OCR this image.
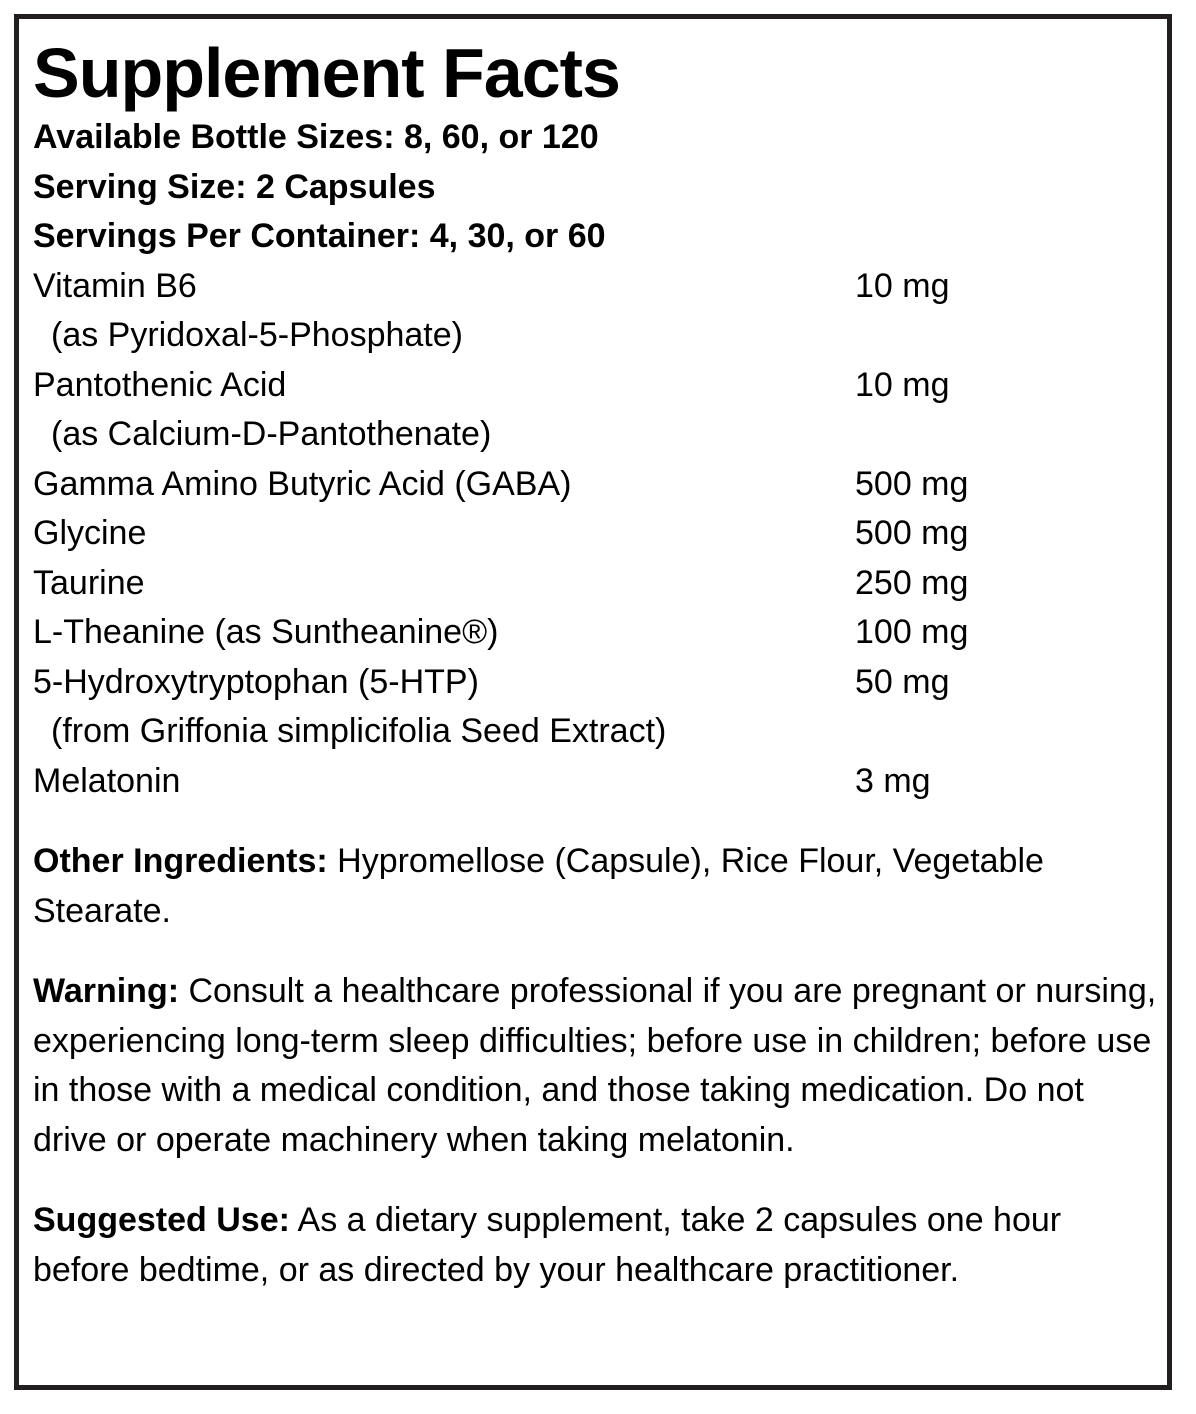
Supplement Facts
Available Bottle Sizes: 8, 60, or 120
Serving Size: 2 Capsules
Servings Per Container: 4, 30, or 60
Vitamin B6	10 mg
(as Pyridoxal-5-Phosphate)
Pantothenic Acid	10 mg
(as Calcium-D-Pantothenate)
Gamma Amino Butyric Acid (GABA)	500 mg
Glycine	500 mg
Taurine	250 mg
L-Theanine (as Suntheanine®)	100 mg
5-Hydroxytryptophan (5-HTP)	50 mg
(from Griffonia simplicifolia Seed Extract)
Melatonin	3 mg

Other Ingredients: Hypromellose (Capsule), Rice Flour, Vegetable Stearate.

Warning: Consult a healthcare professional if you are pregnant or nursing, experiencing long-term sleep difficulties; before use in children; before use in those with a medical condition, and those taking medication. Do not drive or operate machinery when taking melatonin.

Suggested Use: As a dietary supplement, take 2 capsules one hour before bedtime, or as directed by your healthcare practitioner.
